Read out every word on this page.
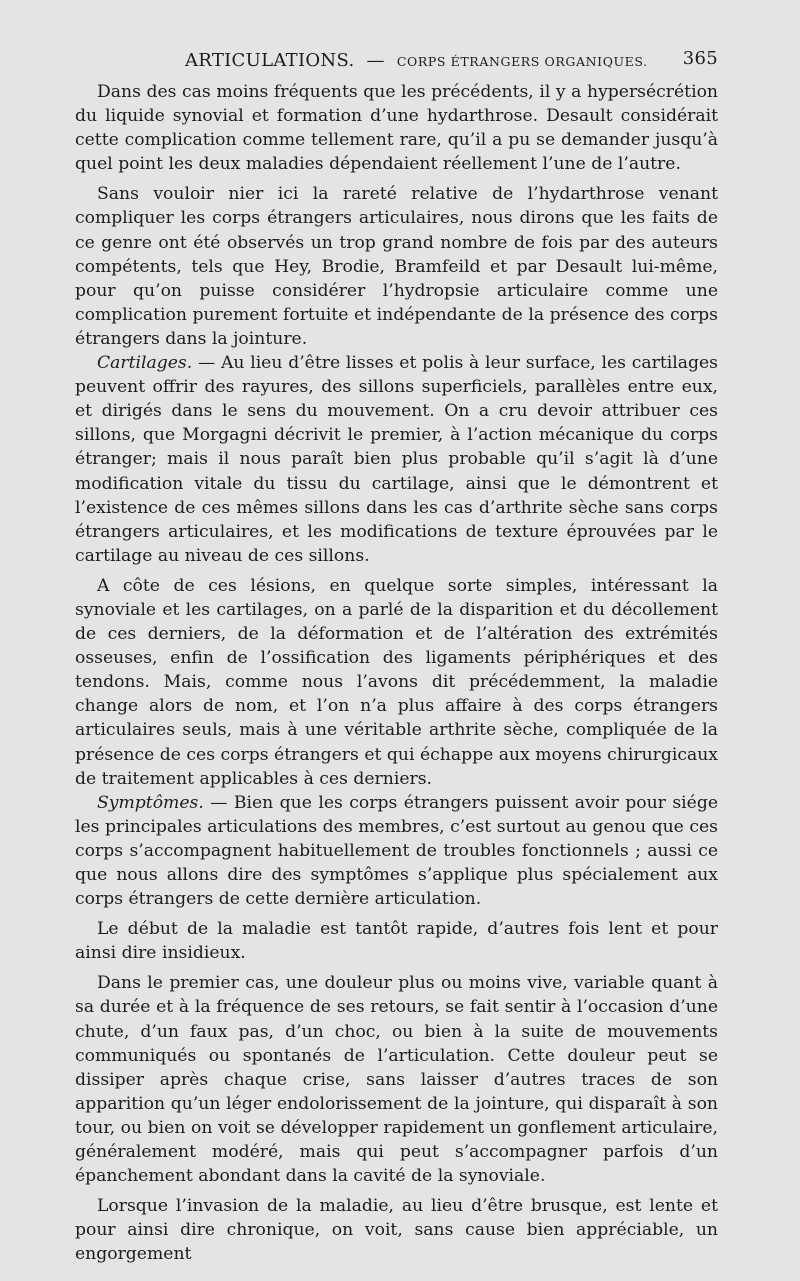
ARTICULATIONS. — CORPS ÉTRANGERS ORGANIQUES. 365

Dans des cas moins fréquents que les précédents, il y a hypersécrétion du liquide synovial et formation d’une hydarthrose. Desault considérait cette complication comme tellement rare, qu’il a pu se demander jusqu’à quel point les deux maladies dépendaient réellement l’une de l’autre.

Sans vouloir nier ici la rareté relative de l’hydarthrose venant compliquer les corps étrangers articulaires, nous dirons que les faits de ce genre ont été observés un trop grand nombre de fois par des auteurs compétents, tels que Hey, Brodie, Bramfeild et par Desault lui-même, pour qu’on puisse considérer l’hydropsie articulaire comme une complication purement fortuite et indépendante de la présence des corps étrangers dans la jointure.

Cartilages. — Au lieu d’être lisses et polis à leur surface, les cartilages peuvent offrir des rayures, des sillons superficiels, parallèles entre eux, et dirigés dans le sens du mouvement. On a cru devoir attribuer ces sillons, que Morgagni décrivit le premier, à l’action mécanique du corps étranger; mais il nous paraît bien plus probable qu’il s’agit là d’une modification vitale du tissu du cartilage, ainsi que le démontrent et l’existence de ces mêmes sillons dans les cas d’arthrite sèche sans corps étrangers articulaires, et les modifications de texture éprouvées par le cartilage au niveau de ces sillons.

A côte de ces lésions, en quelque sorte simples, intéressant la synoviale et les cartilages, on a parlé de la disparition et du décollement de ces derniers, de la déformation et de l’altération des extrémités osseuses, enfin de l’ossification des ligaments périphériques et des tendons. Mais, comme nous l’avons dit précédemment, la maladie change alors de nom, et l’on n’a plus affaire à des corps étrangers articulaires seuls, mais à une véritable arthrite sèche, compliquée de la présence de ces corps étrangers et qui échappe aux moyens chirurgicaux de traitement applicables à ces derniers.

Symptômes. — Bien que les corps étrangers puissent avoir pour siége les principales articulations des membres, c’est surtout au genou que ces corps s’accompagnent habituellement de troubles fonctionnels ; aussi ce que nous allons dire des symptômes s’applique plus spécialement aux corps étrangers de cette dernière articulation.

Le début de la maladie est tantôt rapide, d’autres fois lent et pour ainsi dire insidieux.

Dans le premier cas, une douleur plus ou moins vive, variable quant à sa durée et à la fréquence de ses retours, se fait sentir à l’occasion d’une chute, d’un faux pas, d’un choc, ou bien à la suite de mouvements communiqués ou spontanés de l’articulation. Cette douleur peut se dissiper après chaque crise, sans laisser d’autres traces de son apparition qu’un léger endolorissement de la jointure, qui disparaît à son tour, ou bien on voit se développer rapidement un gonflement articulaire, généralement modéré, mais qui peut s’accompagner parfois d’un épanchement abondant dans la cavité de la synoviale.

Lorsque l’invasion de la maladie, au lieu d’être brusque, est lente et pour ainsi dire chronique, on voit, sans cause bien appréciable, un engorgement
